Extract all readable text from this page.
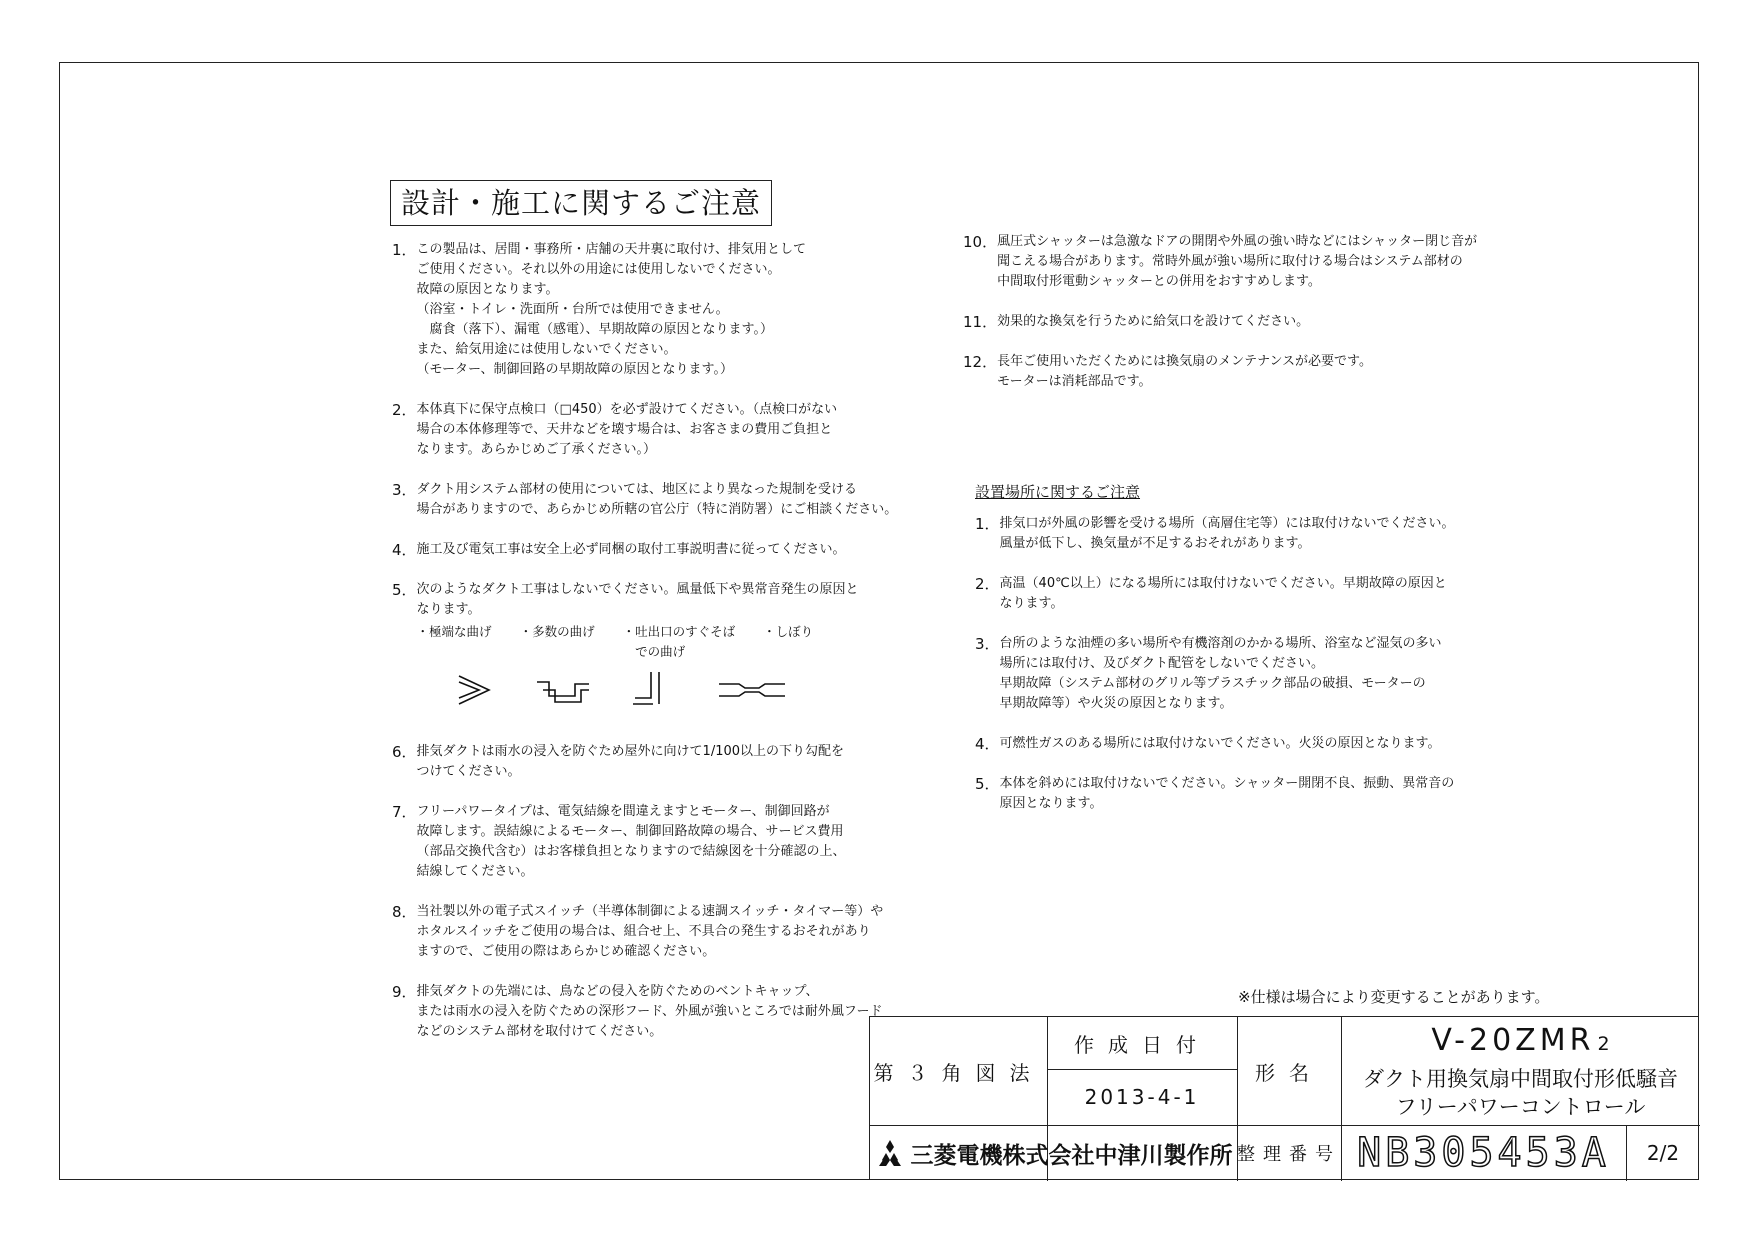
設計・施工に関するご注意
1． この製品は、居間・事務所・店舗の天井裏に取付け、排気用として
ご使用ください。それ以外の用途には使用しないでください。
故障の原因となります。
（浴室・トイレ・洗面所・台所では使用できません。
　腐食（落下）、漏電（感電）、早期故障の原因となります。）
また、給気用途には使用しないでください。
（モーター、制御回路の早期故障の原因となります。）
2． 本体真下に保守点検口（□450）を必ず設けてください。（点検口がない
場合の本体修理等で、天井などを壊す場合は、お客さまの費用ご負担と
なります。あらかじめご了承ください。）
3． ダクト用システム部材の使用については、地区により異なった規制を受ける
場合がありますので、あらかじめ所轄の官公庁（特に消防署）にご相談ください。
4． 施工及び電気工事は安全上必ず同梱の取付工事説明書に従ってください。
5． 次のようなダクト工事はしないでください。風量低下や異常音発生の原因と
なります。
・極端な曲げ ・多数の曲げ ・吐出口のすぐそば
　での曲げ
・しぼり
6． 排気ダクトは雨水の浸入を防ぐため屋外に向けて1/100以上の下り勾配を
つけてください。
7． フリーパワータイプは、電気結線を間違えますとモーター、制御回路が
故障します。誤結線によるモーター、制御回路故障の場合、サービス費用
（部品交換代含む）はお客様負担となりますので結線図を十分確認の上、
結線してください。
8． 当社製以外の電子式スイッチ（半導体制御による速調スイッチ・タイマー等）や
ホタルスイッチをご使用の場合は、組合せ上、不具合の発生するおそれがあり
ますので、ご使用の際はあらかじめ確認ください。
9． 排気ダクトの先端には、鳥などの侵入を防ぐためのベントキャップ、
または雨水の浸入を防ぐための深形フード、外風が強いところでは耐外風フード
などのシステム部材を取付けてください。
10． 風圧式シャッターは急激なドアの開閉や外風の強い時などにはシャッター閉じ音が
聞こえる場合があります。常時外風が強い場所に取付ける場合はシステム部材の
中間取付形電動シャッターとの併用をおすすめします。
11． 効果的な換気を行うために給気口を設けてください。
12． 長年ご使用いただくためには換気扇のメンテナンスが必要です。
モーターは消耗部品です。
設置場所に関するご注意
1． 排気口が外風の影響を受ける場所（高層住宅等）には取付けないでください。
風量が低下し、換気量が不足するおそれがあります。
2． 高温（40℃以上）になる場所には取付けないでください。早期故障の原因と
なります。
3． 台所のような油煙の多い場所や有機溶剤のかかる場所、浴室など湿気の多い
場所には取付け、及びダクト配管をしないでください。
早期故障（システム部材のグリル等プラスチック部品の破損、モーターの
早期故障等）や火災の原因となります。
4． 可燃性ガスのある場所には取付けないでください。火災の原因となります。
5． 本体を斜めには取付けないでください。シャッター開閉不良、振動、異常音の
原因となります。
※仕様は場合により変更することがあります。
第３角図法
作成日付
2013-4-1
形名
V-20ZMR 2
ダクト用換気扇中間取付形低騒音
フリーパワーコントロール
三菱電機株式会社中津川製作所 整理番号 NB305453A	2/2
